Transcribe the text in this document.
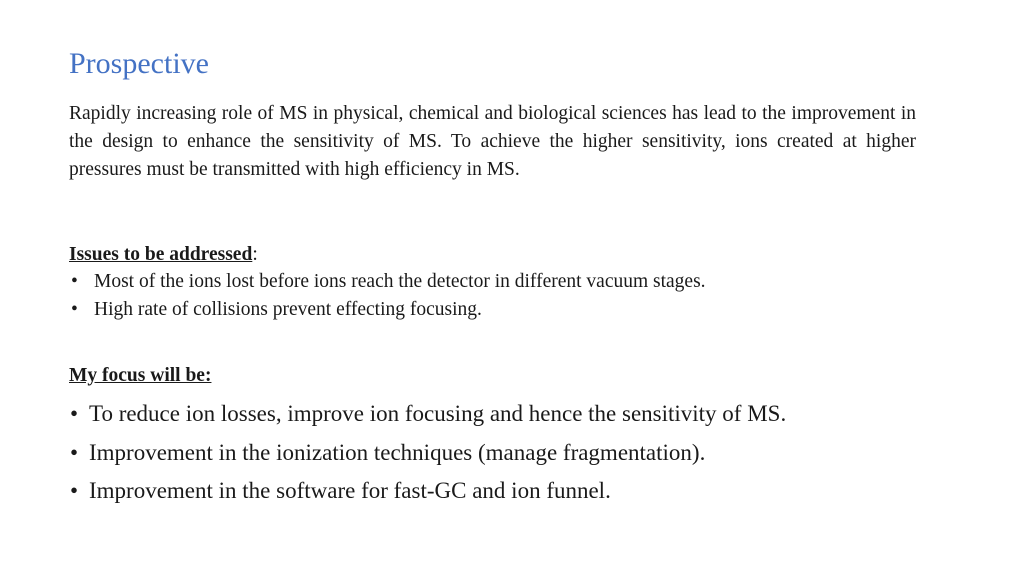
Prospective

Rapidly increasing role of MS in physical, chemical and biological sciences has lead to the improvement in the design to enhance the sensitivity of MS. To achieve the higher sensitivity, ions created at higher pressures must be transmitted with high efficiency in MS.

Issues to be addressed:

• Most of the ions lost before ions reach the detector in different vacuum stages.
• High rate of collisions prevent effecting focusing.

My focus will be:

• To reduce ion losses, improve ion focusing and hence the sensitivity of MS.
• Improvement in the ionization techniques (manage fragmentation).
• Improvement in the software for fast-GC and ion funnel.
